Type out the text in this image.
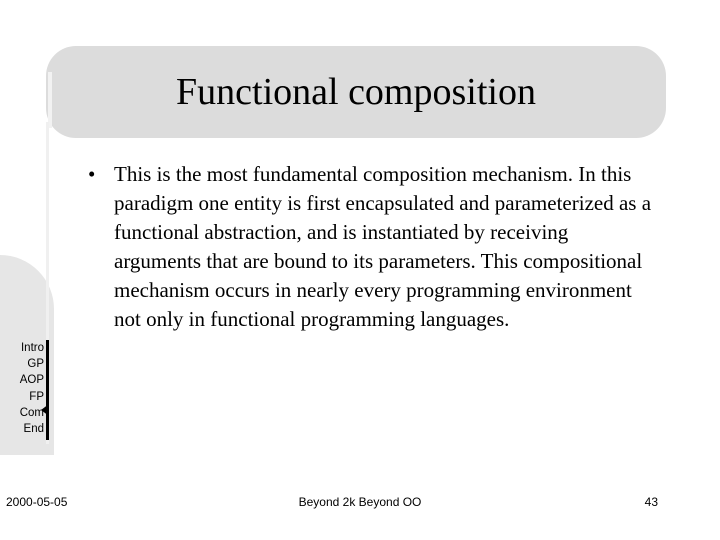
Functional composition
• This is the most fundamental composition mechanism. In this paradigm one entity is first encapsulated and parameterized as a functional abstraction, and is instantiated by receiving arguments that are bound to its parameters. This compositional mechanism occurs in nearly every programming environment not only in functional programming languages.
Intro
GP
AOP
FP
Com
End
2000-05-05	Beyond 2k Beyond OO	43
